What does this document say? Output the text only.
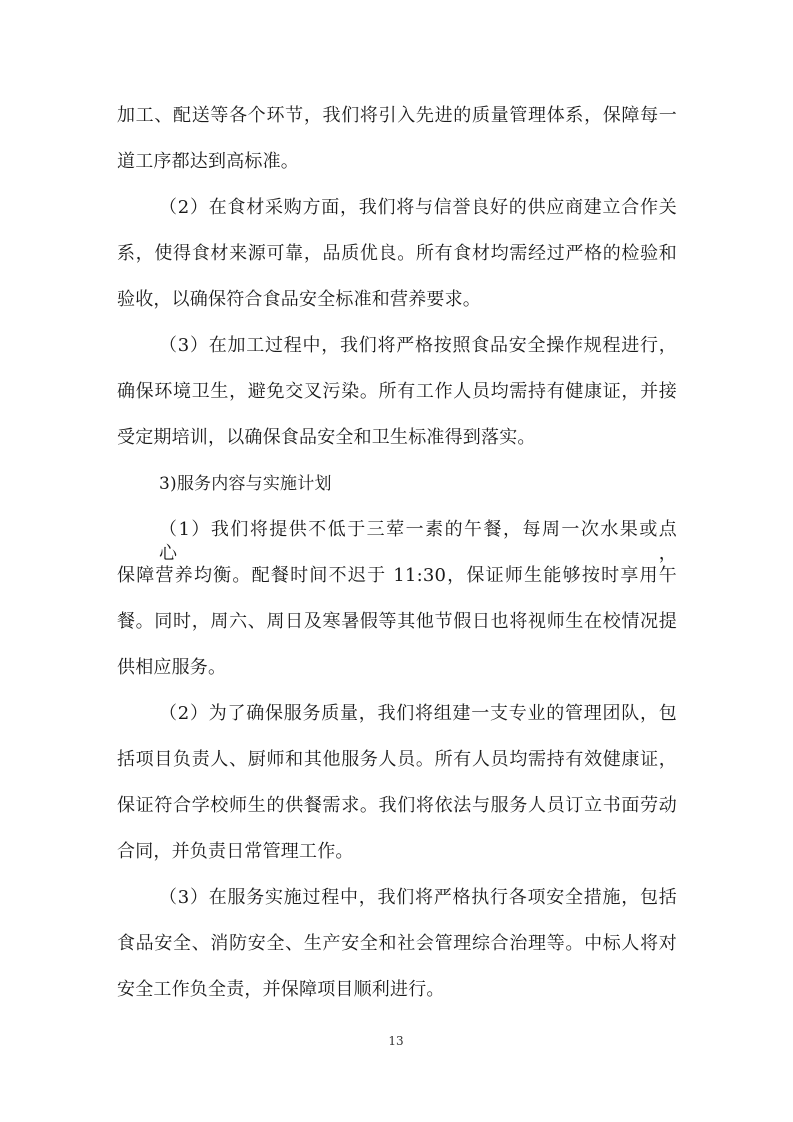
加工、配送等各个环节，我们将引入先进的质量管理体系，保障每一
道工序都达到高标准。
（2）在食材采购方面，我们将与信誉良好的供应商建立合作关
系，使得食材来源可靠，品质优良。所有食材均需经过严格的检验和
验收，以确保符合食品安全标准和营养要求。
（3）在加工过程中，我们将严格按照食品安全操作规程进行，
确保环境卫生，避免交叉污染。所有工作人员均需持有健康证，并接
受定期培训，以确保食品安全和卫生标准得到落实。
3)服务内容与实施计划
（1）我们将提供不低于三荤一素的午餐，每周一次水果或点心，
保障营养均衡。配餐时间不迟于 11:30，保证师生能够按时享用午
餐。同时，周六、周日及寒暑假等其他节假日也将视师生在校情况提
供相应服务。
（2）为了确保服务质量，我们将组建一支专业的管理团队，包
括项目负责人、厨师和其他服务人员。所有人员均需持有效健康证，
保证符合学校师生的供餐需求。我们将依法与服务人员订立书面劳动
合同，并负责日常管理工作。
（3）在服务实施过程中，我们将严格执行各项安全措施，包括
食品安全、消防安全、生产安全和社会管理综合治理等。中标人将对
安全工作负全责，并保障项目顺利进行。
13
